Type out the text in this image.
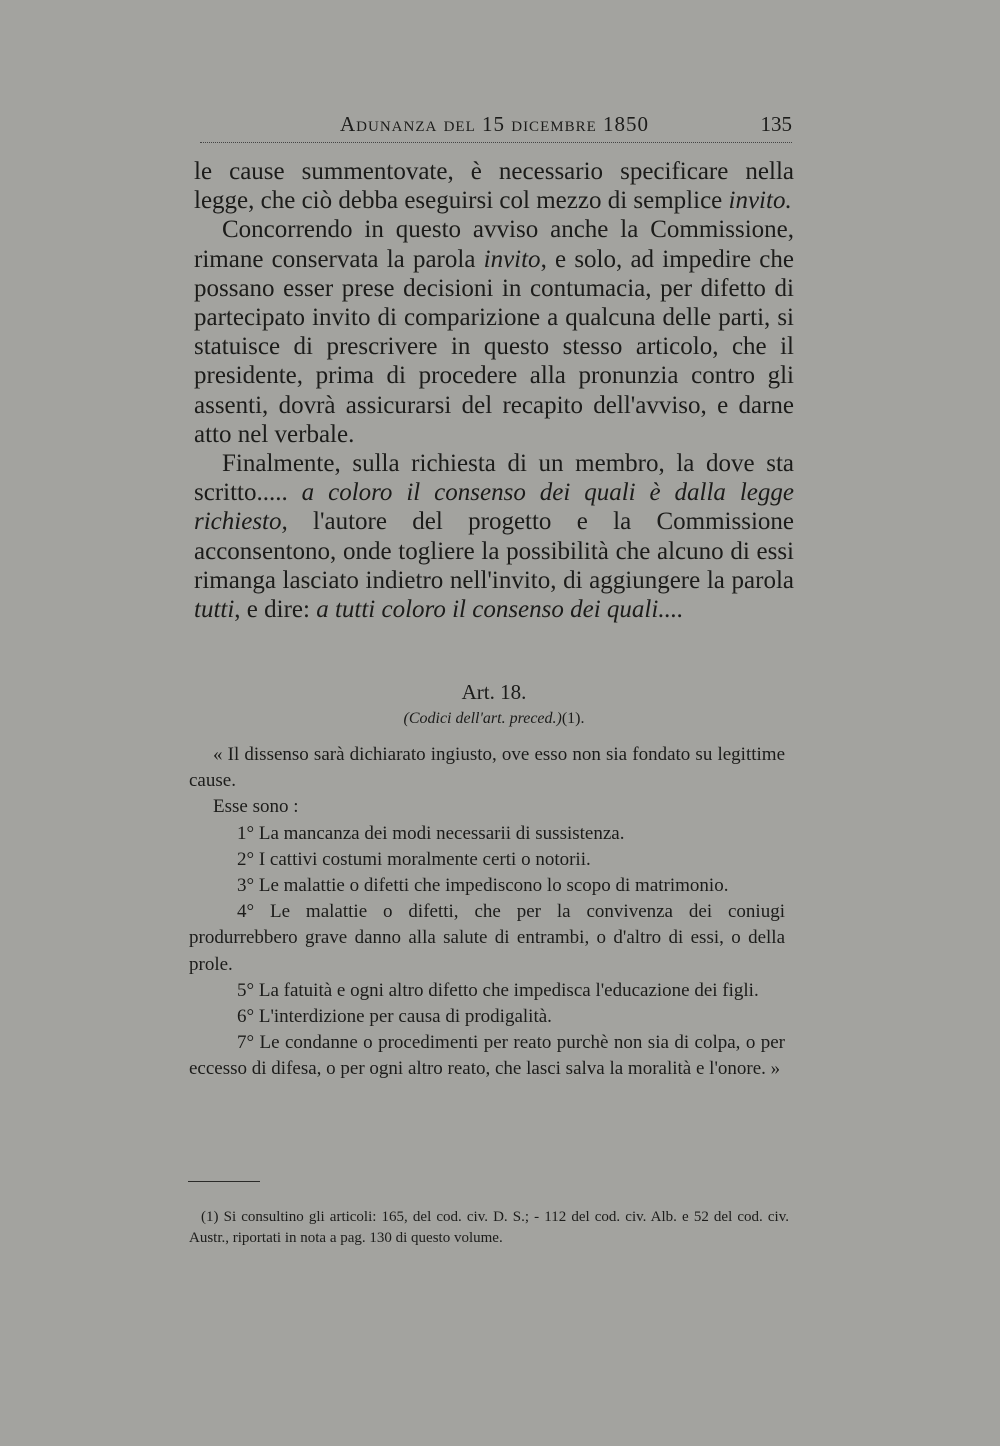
Adunanza del 15 dicembre 1850	135

le cause summentovate, è necessario specificare nella legge, che ciò debba eseguirsi col mezzo di semplice invito.

Concorrendo in questo avviso anche la Commissione, rimane conservata la parola invito, e solo, ad impedire che possano esser prese decisioni in contumacia, per difetto di partecipato invito di comparizione a qualcuna delle parti, si statuisce di prescrivere in questo stesso articolo, che il presidente, prima di procedere alla pronunzia contro gli assenti, dovrà assicurarsi del recapito dell'avviso, e darne atto nel verbale.

Finalmente, sulla richiesta di un membro, la dove sta scritto..... a coloro il consenso dei quali è dalla legge richiesto, l'autore del progetto e la Commissione acconsentono, onde togliere la possibilità che alcuno di essi rimanga lasciato indietro nell'invito, di aggiungere la parola tutti, e dire: a tutti coloro il consenso dei quali....

Art. 18.
(Codici dell'art. preced.)(1).

« Il dissenso sarà dichiarato ingiusto, ove esso non sia fondato su legittime cause.

Esse sono :

1° La mancanza dei modi necessarii di sussistenza.

2° I cattivi costumi moralmente certi o notorii.

3° Le malattie o difetti che impediscono lo scopo di matrimonio.

4° Le malattie o difetti, che per la convivenza dei coniugi produrrebbero grave danno alla salute di entrambi, o d'altro di essi, o della prole.

5° La fatuità e ogni altro difetto che impedisca l'educazione dei figli.

6° L'interdizione per causa di prodigalità.

7° Le condanne o procedimenti per reato purchè non sia di colpa, o per eccesso di difesa, o per ogni altro reato, che lasci salva la moralità e l'onore. »

(1) Si consultino gli articoli: 165, del cod. civ. D. S.; - 112 del cod. civ. Alb. e 52 del cod. civ. Austr., riportati in nota a pag. 130 di questo volume.
